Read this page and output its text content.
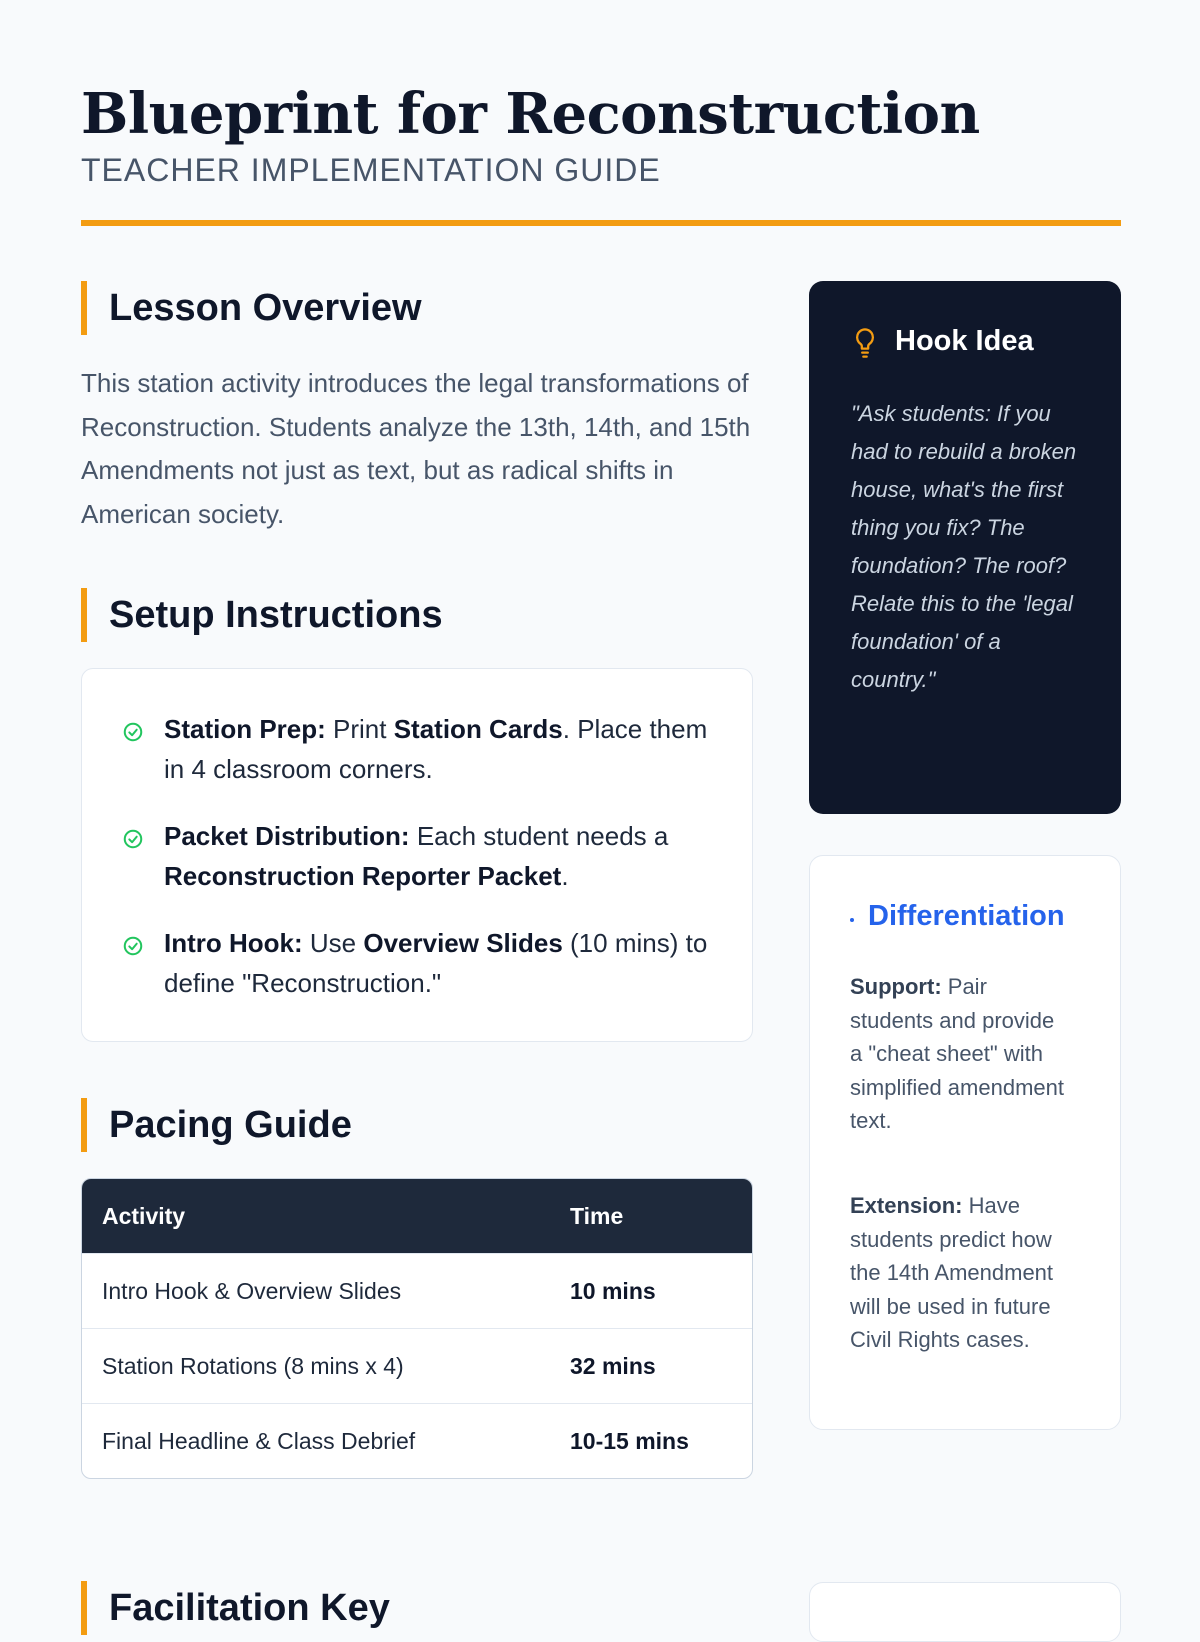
Blueprint for Reconstruction
TEACHER IMPLEMENTATION GUIDE
Lesson Overview
This station activity introduces the legal transformations of Reconstruction. Students analyze the 13th, 14th, and 15th Amendments not just as text, but as radical shifts in American society.
Setup Instructions
Station Prep: Print Station Cards. Place them in 4 classroom corners.
Packet Distribution: Each student needs a Reconstruction Reporter Packet.
Intro Hook: Use Overview Slides (10 mins) to define "Reconstruction."
Pacing Guide
Activity	Time
Intro Hook & Overview Slides	10 mins
Station Rotations (8 mins x 4)	32 mins
Final Headline & Class Debrief	10-15 mins
Facilitation Key
Hook Idea
"Ask students: If you had to rebuild a broken house, what's the first thing you fix? The foundation? The roof? Relate this to the 'legal foundation' of a country."
Differentiation
Support: Pair students and provide a "cheat sheet" with simplified amendment text.
Extension: Have students predict how the 14th Amendment will be used in future Civil Rights cases.
